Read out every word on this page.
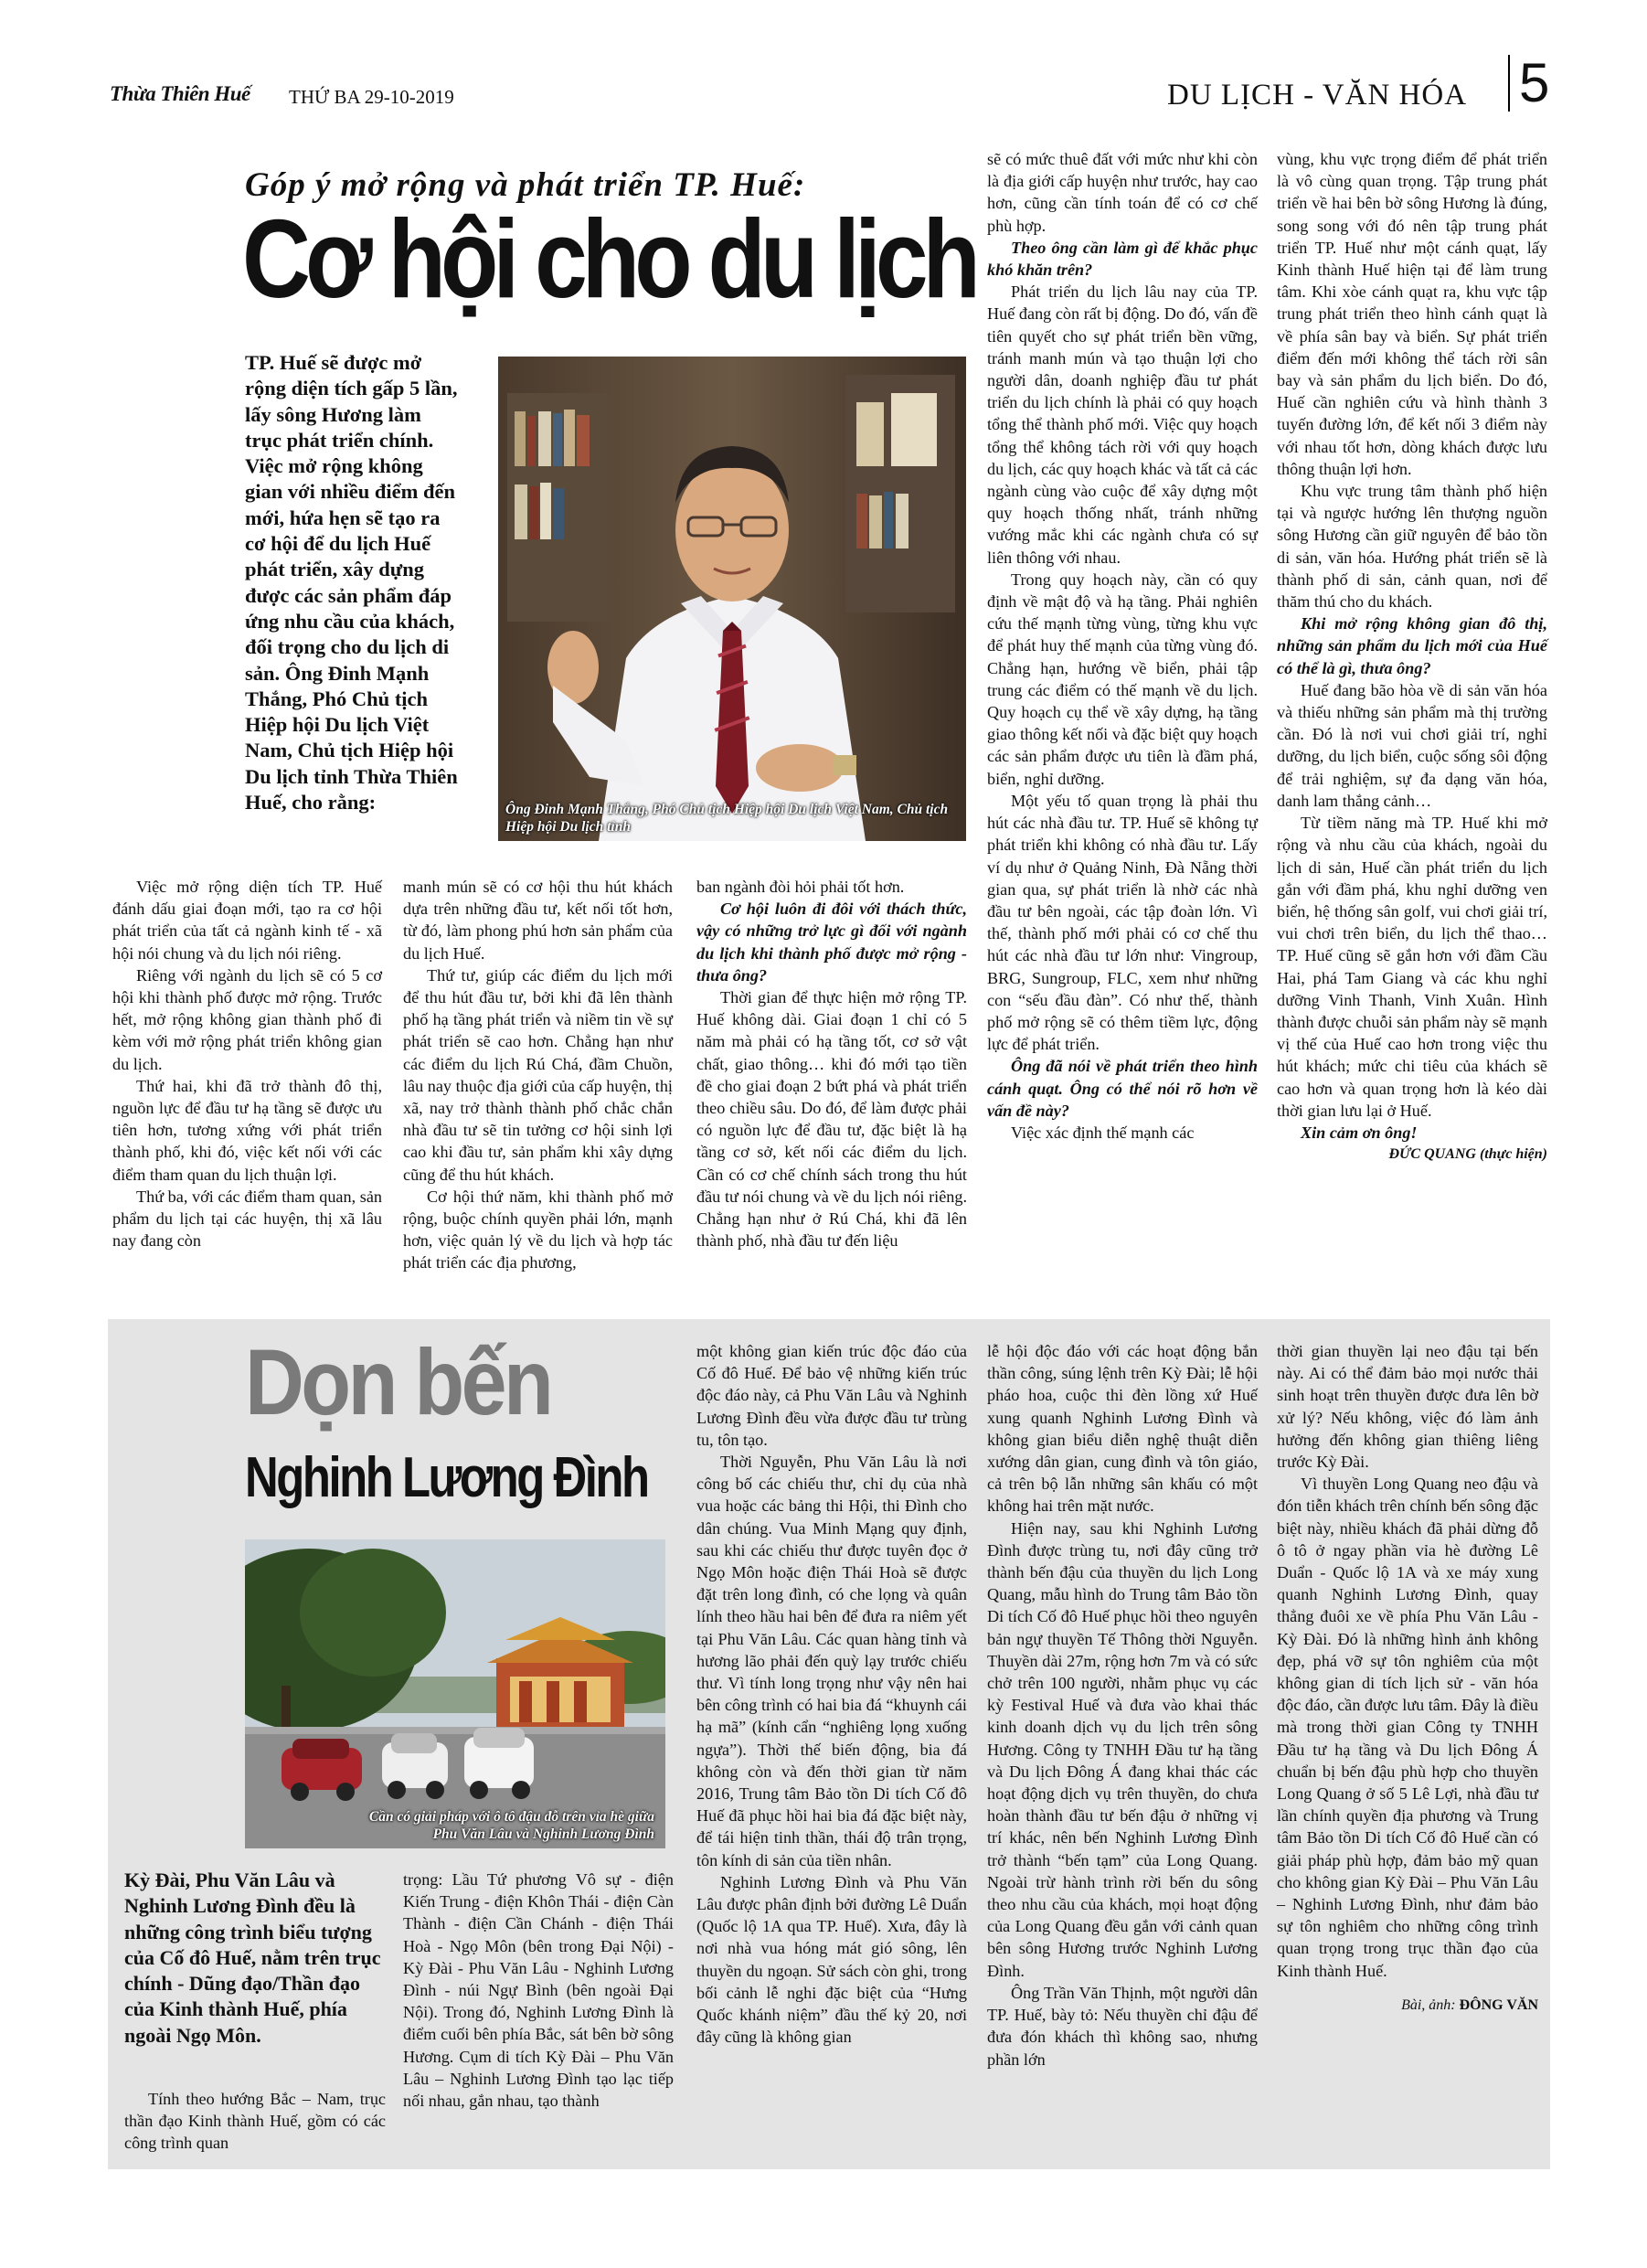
Thừa Thiên Huế THỨ BA 29-10-2019	DU LỊCH - VĂN HÓA 5
Góp ý mở rộng và phát triển TP. Huế:
Cơ hội cho du lịch
TP. Huế sẽ được mở rộng diện tích gấp 5 lần, lấy sông Hương làm trục phát triển chính. Việc mở rộng không gian với nhiều điểm đến mới, hứa hẹn sẽ tạo ra cơ hội để du lịch Huế phát triển, xây dựng được các sản phẩm đáp ứng nhu cầu của khách, đối trọng cho du lịch di sản. Ông Đinh Mạnh Thắng, Phó Chủ tịch Hiệp hội Du lịch Việt Nam, Chủ tịch Hiệp hội Du lịch tỉnh Thừa Thiên Huế, cho rằng:	Ông Đinh Mạnh Thắng, Phó Chủ tịch Hiệp hội Du lịch Việt Nam, Chủ tịch Hiệp hội Du lịch tỉnh

Việc mở rộng diện tích TP. Huế đánh dấu giai đoạn mới, tạo ra cơ hội phát triển của tất cả ngành kinh tế - xã hội nói chung và du lịch nói riêng.

Riêng với ngành du lịch sẽ có 5 cơ hội khi thành phố được mở rộng. Trước hết, mở rộng không gian thành phố đi kèm với mở rộng phát triển không gian du lịch.

Thứ hai, khi đã trở thành đô thị, nguồn lực để đầu tư hạ tầng sẽ được ưu tiên hơn, tương xứng với phát triển thành phố, khi đó, việc kết nối với các điểm tham quan du lịch thuận lợi.

Thứ ba, với các điểm tham quan, sản phẩm du lịch tại các huyện, thị xã lâu nay đang còn

manh mún sẽ có cơ hội thu hút khách dựa trên những đầu tư, kết nối tốt hơn, từ đó, làm phong phú hơn sản phẩm của du lịch Huế.

Thứ tư, giúp các điểm du lịch mới để thu hút đầu tư, bởi khi đã lên thành phố hạ tầng phát triển và niềm tin về sự phát triển sẽ cao hơn. Chẳng hạn như các điểm du lịch Rú Chá, đầm Chuồn, lâu nay thuộc địa giới của cấp huyện, thị xã, nay trở thành thành phố chắc chắn nhà đầu tư sẽ tin tưởng cơ hội sinh lợi cao khi đầu tư, sản phẩm khi xây dựng cũng để thu hút khách.

Cơ hội thứ năm, khi thành phố mở rộng, buộc chính quyền phải lớn, mạnh hơn, việc quản lý về du lịch và hợp tác phát triển các địa phương,

ban ngành đòi hỏi phải tốt hơn.

Cơ hội luôn đi đôi với thách thức, vậy có những trở lực gì đối với ngành du lịch khi thành phố được mở rộng - thưa ông?

Thời gian để thực hiện mở rộng TP. Huế không dài. Giai đoạn 1 chỉ có 5 năm mà phải có hạ tầng tốt, cơ sở vật chất, giao thông… khi đó mới tạo tiền đề cho giai đoạn 2 bứt phá và phát triển theo chiều sâu. Do đó, để làm được phải có nguồn lực để đầu tư, đặc biệt là hạ tầng cơ sở, kết nối các điểm du lịch. Cần có cơ chế chính sách trong thu hút đầu tư nói chung và về du lịch nói riêng. Chẳng hạn như ở Rú Chá, khi đã lên thành phố, nhà đầu tư đến liệu

sẽ có mức thuê đất với mức như khi còn là địa giới cấp huyện như trước, hay cao hơn, cũng cần tính toán để có cơ chế phù hợp.

Theo ông cần làm gì để khắc phục khó khăn trên?

Phát triển du lịch lâu nay của TP. Huế đang còn rất bị động. Do đó, vấn đề tiên quyết cho sự phát triển bền vững, tránh manh mún và tạo thuận lợi cho người dân, doanh nghiệp đầu tư phát triển du lịch chính là phải có quy hoạch tổng thể thành phố mới. Việc quy hoạch tổng thể không tách rời với quy hoạch du lịch, các quy hoạch khác và tất cả các ngành cùng vào cuộc để xây dựng một quy hoạch thống nhất, tránh những vướng mắc khi các ngành chưa có sự liên thông với nhau.

Trong quy hoạch này, cần có quy định về mật độ và hạ tầng. Phải nghiên cứu thế mạnh từng vùng, từng khu vực để phát huy thế mạnh của từng vùng đó. Chẳng hạn, hướng về biển, phải tập trung các điểm có thế mạnh về du lịch. Quy hoạch cụ thể về xây dựng, hạ tầng giao thông kết nối và đặc biệt quy hoạch các sản phẩm được ưu tiên là đầm phá, biển, nghỉ dưỡng.

Một yếu tố quan trọng là phải thu hút các nhà đầu tư. TP. Huế sẽ không tự phát triển khi không có nhà đầu tư. Lấy ví dụ như ở Quảng Ninh, Đà Nẵng thời gian qua, sự phát triển là nhờ các nhà đầu tư bên ngoài, các tập đoàn lớn. Vì thế, thành phố mới phải có cơ chế thu hút các nhà đầu tư lớn như: Vingroup, BRG, Sungroup, FLC, xem như những con “sếu đầu đàn”. Có như thế, thành phố mở rộng sẽ có thêm tiềm lực, động lực để phát triển.

Ông đã nói về phát triển theo hình cánh quạt. Ông có thể nói rõ hơn về vấn đề này?

Việc xác định thế mạnh các

vùng, khu vực trọng điểm để phát triển là vô cùng quan trọng. Tập trung phát triển về hai bên bờ sông Hương là đúng, song song với đó nên tập trung phát triển TP. Huế như một cánh quạt, lấy Kinh thành Huế hiện tại để làm trung tâm. Khi xòe cánh quạt ra, khu vực tập trung phát triển theo hình cánh quạt là về phía sân bay và biển. Sự phát triển điểm đến mới không thể tách rời sân bay và sản phẩm du lịch biển. Do đó, Huế cần nghiên cứu và hình thành 3 tuyến đường lớn, để kết nối 3 điểm này với nhau tốt hơn, dòng khách được lưu thông thuận lợi hơn.

Khu vực trung tâm thành phố hiện tại và ngược hướng lên thượng nguồn sông Hương cần giữ nguyên để bảo tồn di sản, văn hóa. Hướng phát triển sẽ là thành phố di sản, cảnh quan, nơi để thăm thú cho du khách.

Khi mở rộng không gian đô thị, những sản phẩm du lịch mới của Huế có thể là gì, thưa ông?

Huế đang bão hòa về di sản văn hóa và thiếu những sản phẩm mà thị trường cần. Đó là nơi vui chơi giải trí, nghỉ dưỡng, du lịch biển, cuộc sống sôi động để trải nghiệm, sự đa dạng văn hóa, danh lam thắng cảnh…

Từ tiềm năng mà TP. Huế khi mở rộng và nhu cầu của khách, ngoài du lịch di sản, Huế cần phát triển du lịch gắn với đầm phá, khu nghỉ dưỡng ven biển, hệ thống sân golf, vui chơi giải trí, vui chơi trên biển, du lịch thể thao… TP. Huế cũng sẽ gắn hơn với đầm Cầu Hai, phá Tam Giang và các khu nghỉ dưỡng Vinh Thanh, Vinh Xuân. Hình thành được chuỗi sản phẩm này sẽ mạnh vị thế của Huế cao hơn trong việc thu hút khách; mức chi tiêu của khách sẽ cao hơn và quan trọng hơn là kéo dài thời gian lưu lại ở Huế.

Xin cảm ơn ông!

ĐỨC QUANG (thực hiện)

Dọn bến
Nghinh Lương Đình
Cần có giải pháp với ô tô đậu đỗ trên vỉa hè giữa Phu Văn Lâu và Nghinh Lương Đình
Kỳ Đài, Phu Văn Lâu và Nghinh Lương Đình đều là những công trình biểu tượng của Cố đô Huế, nằm trên trục chính - Dũng đạo/Thần đạo của Kinh thành Huế, phía ngoài Ngọ Môn.

Tính theo hướng Bắc – Nam, trục thần đạo Kinh thành Huế, gồm có các công trình quan

trọng: Lầu Tứ phương Vô sự - điện Kiến Trung - điện Khôn Thái - điện Càn Thành - điện Cần Chánh - điện Thái Hoà - Ngọ Môn (bên trong Đại Nội) - Kỳ Đài - Phu Văn Lâu - Nghinh Lương Đình - núi Ngự Bình (bên ngoài Đại Nội). Trong đó, Nghinh Lương Đình là điểm cuối bên phía Bắc, sát bên bờ sông Hương. Cụm di tích Kỳ Đài – Phu Văn Lâu – Nghinh Lương Đình tạo lạc tiếp nối nhau, gắn nhau, tạo thành

một không gian kiến trúc độc đáo của Cố đô Huế. Để bảo vệ những kiến trúc độc đáo này, cả Phu Văn Lâu và Nghinh Lương Đình đều vừa được đầu tư trùng tu, tôn tạo.

Thời Nguyễn, Phu Văn Lâu là nơi công bố các chiếu thư, chỉ dụ của nhà vua hoặc các bảng thi Hội, thi Đình cho dân chúng. Vua Minh Mạng quy định, sau khi các chiếu thư được tuyên đọc ở Ngọ Môn hoặc điện Thái Hoà sẽ được đặt trên long đình, có che lọng và quân lính theo hầu hai bên để đưa ra niêm yết tại Phu Văn Lâu. Các quan hàng tỉnh và hương lão phải đến quỳ lạy trước chiếu thư. Vì tính long trọng như vậy nên hai bên công trình có hai bia đá “khuynh cái hạ mã” (kính cẩn “nghiêng lọng xuống ngựa”). Thời thế biến động, bia đá không còn và đến thời gian từ năm 2016, Trung tâm Bảo tồn Di tích Cố đô Huế đã phục hồi hai bia đá đặc biệt này, để tái hiện tinh thần, thái độ trân trọng, tôn kính di sản của tiền nhân.

Nghinh Lương Đình và Phu Văn Lâu được phân định bởi đường Lê Duẩn (Quốc lộ 1A qua TP. Huế). Xưa, đây là nơi nhà vua hóng mát gió sông, lên thuyền du ngoạn. Sử sách còn ghi, trong bối cảnh lễ nghi đặc biệt của “Hưng Quốc khánh niệm” đầu thế kỷ 20, nơi đây cũng là không gian

lễ hội độc đáo với các hoạt động bắn thần công, súng lệnh trên Kỳ Đài; lễ hội pháo hoa, cuộc thi đèn lồng xứ Huế xung quanh Nghinh Lương Đình và không gian biểu diễn nghệ thuật diễn xướng dân gian, cung đình và tôn giáo, cả trên bộ lẫn những sân khấu có một không hai trên mặt nước.

Hiện nay, sau khi Nghinh Lương Đình được trùng tu, nơi đây cũng trở thành bến đậu của thuyền du lịch Long Quang, mẫu hình do Trung tâm Bảo tồn Di tích Cố đô Huế phục hồi theo nguyên bản ngự thuyền Tế Thông thời Nguyễn. Thuyền dài 27m, rộng hơn 7m và có sức chở trên 100 người, nhằm phục vụ các kỳ Festival Huế và đưa vào khai thác kinh doanh dịch vụ du lịch trên sông Hương. Công ty TNHH Đầu tư hạ tầng và Du lịch Đông Á đang khai thác các hoạt động dịch vụ trên thuyền, do chưa hoàn thành đầu tư bến đậu ở những vị trí khác, nên bến Nghinh Lương Đình trở thành “bến tạm” của Long Quang. Ngoài trừ hành trình rời bến du sông theo nhu cầu của khách, mọi hoạt động của Long Quang đều gắn với cảnh quan bên sông Hương trước Nghinh Lương Đình.

Ông Trần Văn Thịnh, một người dân TP. Huế, bày tỏ: Nếu thuyền chỉ đậu để đưa đón khách thì không sao, nhưng phần lớn

thời gian thuyền lại neo đậu tại bến này. Ai có thể đảm bảo mọi nước thải sinh hoạt trên thuyền được đưa lên bờ xử lý? Nếu không, việc đó làm ảnh hưởng đến không gian thiêng liêng trước Kỳ Đài.

Vì thuyền Long Quang neo đậu và đón tiễn khách trên chính bến sông đặc biệt này, nhiều khách đã phải dừng đỗ ô tô ở ngay phần vỉa hè đường Lê Duẩn - Quốc lộ 1A và xe máy xung quanh Nghinh Lương Đình, quay thẳng đuôi xe về phía Phu Văn Lâu - Kỳ Đài. Đó là những hình ảnh không đẹp, phá vỡ sự tôn nghiêm của một không gian di tích lịch sử - văn hóa độc đáo, cần được lưu tâm. Đây là điều mà trong thời gian Công ty TNHH Đầu tư hạ tầng và Du lịch Đông Á chuẩn bị bến đậu phù hợp cho thuyền Long Quang ở số 5 Lê Lợi, nhà đầu tư lần chính quyền địa phương và Trung tâm Bảo tồn Di tích Cố đô Huế cần có giải pháp phù hợp, đảm bảo mỹ quan cho không gian Kỳ Đài – Phu Văn Lâu – Nghinh Lương Đình, như đảm bảo sự tôn nghiêm cho những công trình quan trọng trong trục thần đạo của Kinh thành Huế.

Bài, ảnh: ĐÔNG VĂN
